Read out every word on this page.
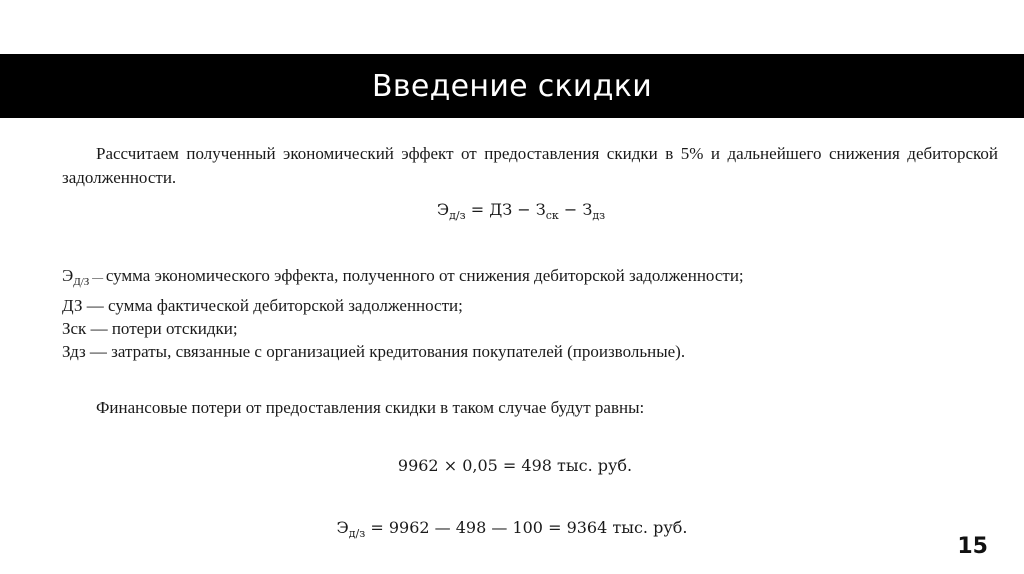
Введение скидки

Рассчитаем полученный экономический эффект от предоставления скидки в 5% и дальнейшего снижения дебиторской задолженности.

$Э_{д/з}$ = ДЗ − $З_{ск} - З_{дз}$
$Э_{Д/З}$ — сумма экономического эффекта, полученного от снижения дебиторской задолженности;
ДЗ — сумма фактической дебиторской задолженности;
Зск — потери отскидки;
Здз — затраты, связанные с организацией кредитования покупателей (произвольные).

Финансовые потери от предоставления скидки в таком случае будут равны:

9962 × 0,05 = 498 тыс. руб.
$Э_{д/з} = 9962$ — 498 — 100 = 9364 тыс. руб.
15
